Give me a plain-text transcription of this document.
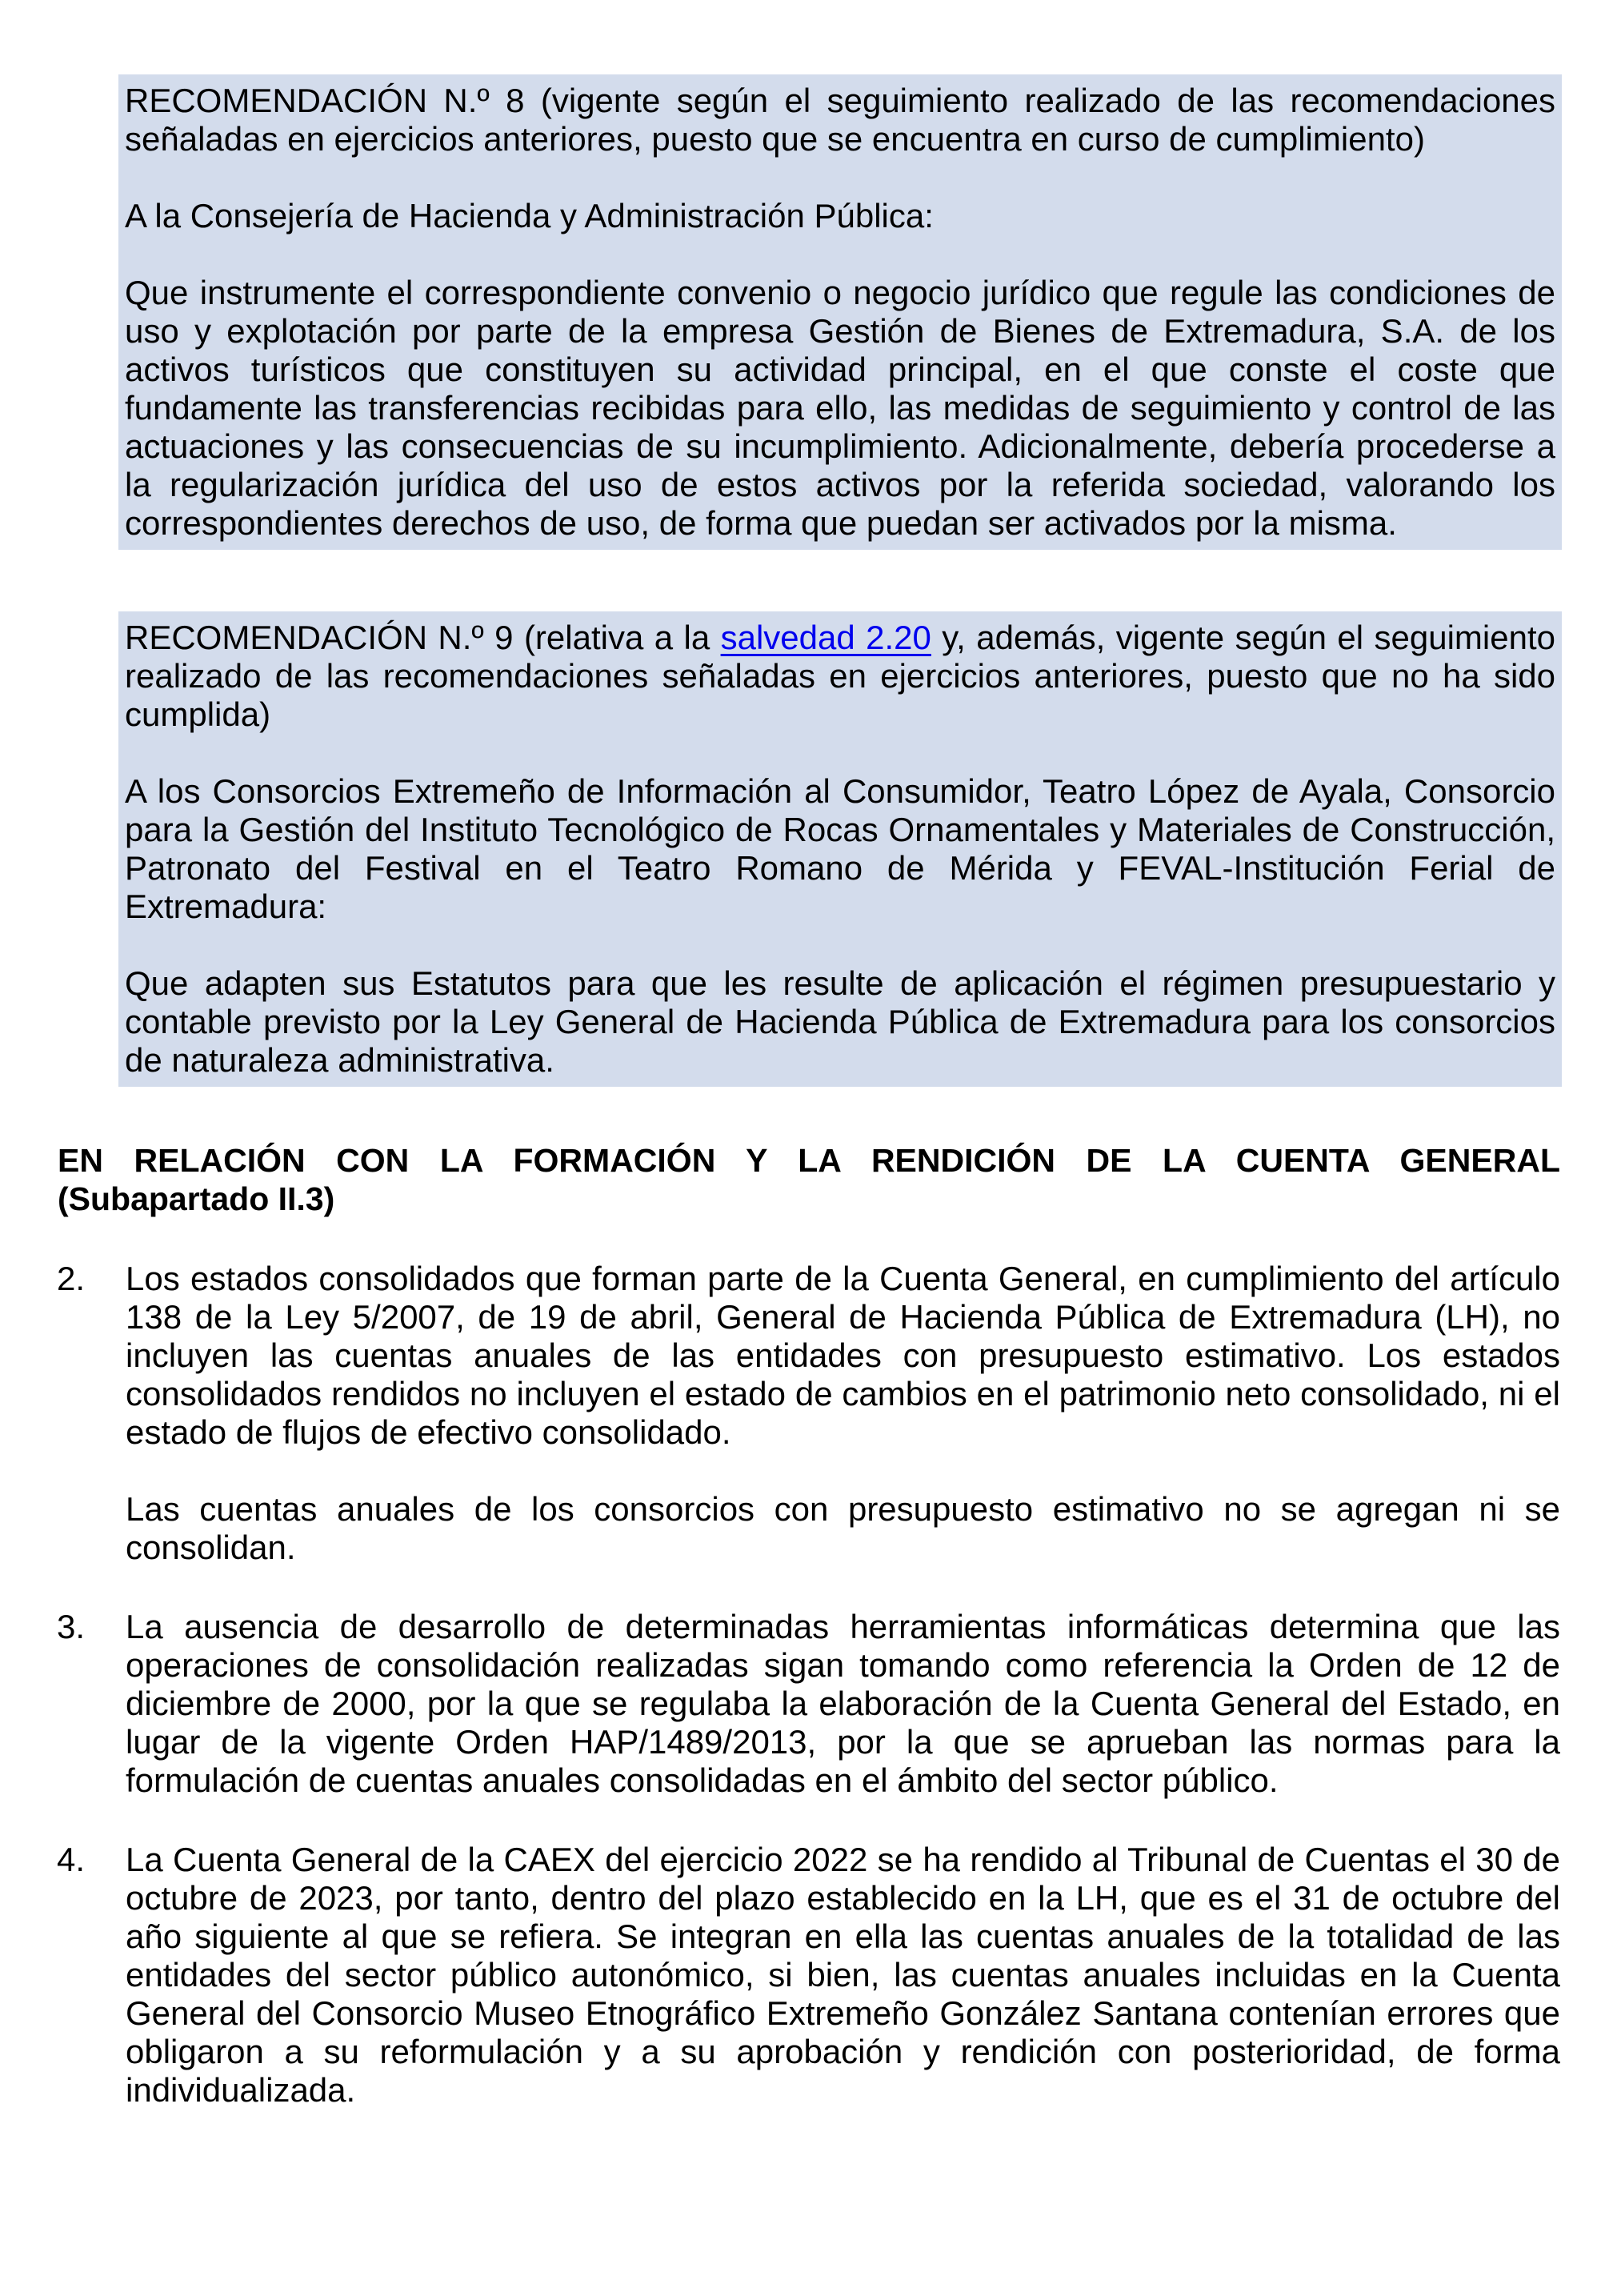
RECOMENDACIÓN N.º 8 (vigente según el seguimiento realizado de las recomendaciones señaladas en ejercicios anteriores, puesto que se encuentra en curso de cumplimiento)

A la Consejería de Hacienda y Administración Pública:

Que instrumente el correspondiente convenio o negocio jurídico que regule las condiciones de uso y explotación por parte de la empresa Gestión de Bienes de Extremadura, S.A. de los activos turísticos que constituyen su actividad principal, en el que conste el coste que fundamente las transferencias recibidas para ello, las medidas de seguimiento y control de las actuaciones y las consecuencias de su incumplimiento. Adicionalmente, debería procederse a la regularización jurídica del uso de estos activos por la referida sociedad, valorando los correspondientes derechos de uso, de forma que puedan ser activados por la misma.

RECOMENDACIÓN N.º 9 (relativa a la salvedad 2.20 y, además, vigente según el seguimiento realizado de las recomendaciones señaladas en ejercicios anteriores, puesto que no ha sido cumplida)

A los Consorcios Extremeño de Información al Consumidor, Teatro López de Ayala, Consorcio para la Gestión del Instituto Tecnológico de Rocas Ornamentales y Materiales de Construcción, Patronato del Festival en el Teatro Romano de Mérida y FEVAL-Institución Ferial de Extremadura:

Que adapten sus Estatutos para que les resulte de aplicación el régimen presupuestario y contable previsto por la Ley General de Hacienda Pública de Extremadura para los consorcios de naturaleza administrativa.

EN RELACIÓN CON LA FORMACIÓN Y LA RENDICIÓN DE LA CUENTA GENERAL
(Subapartado II.3)
2.	Los estados consolidados que forman parte de la Cuenta General, en cumplimiento del artículo 138 de la Ley 5/2007, de 19 de abril, General de Hacienda Pública de Extremadura (LH), no incluyen las cuentas anuales de las entidades con presupuesto estimativo. Los estados consolidados rendidos no incluyen el estado de cambios en el patrimonio neto consolidado, ni el estado de flujos de efectivo consolidado.

Las cuentas anuales de los consorcios con presupuesto estimativo no se agregan ni se consolidan.

3.	La ausencia de desarrollo de determinadas herramientas informáticas determina que las operaciones de consolidación realizadas sigan tomando como referencia la Orden de 12 de diciembre de 2000, por la que se regulaba la elaboración de la Cuenta General del Estado, en lugar de la vigente Orden HAP/1489/2013, por la que se aprueban las normas para la formulación de cuentas anuales consolidadas en el ámbito del sector público.

4.	La Cuenta General de la CAEX del ejercicio 2022 se ha rendido al Tribunal de Cuentas el 30 de octubre de 2023, por tanto, dentro del plazo establecido en la LH, que es el 31 de octubre del año siguiente al que se refiera. Se integran en ella las cuentas anuales de la totalidad de las entidades del sector público autonómico, si bien, las cuentas anuales incluidas en la Cuenta General del Consorcio Museo Etnográfico Extremeño González Santana contenían errores que obligaron a su reformulación y a su aprobación y rendición con posterioridad, de forma individualizada.
